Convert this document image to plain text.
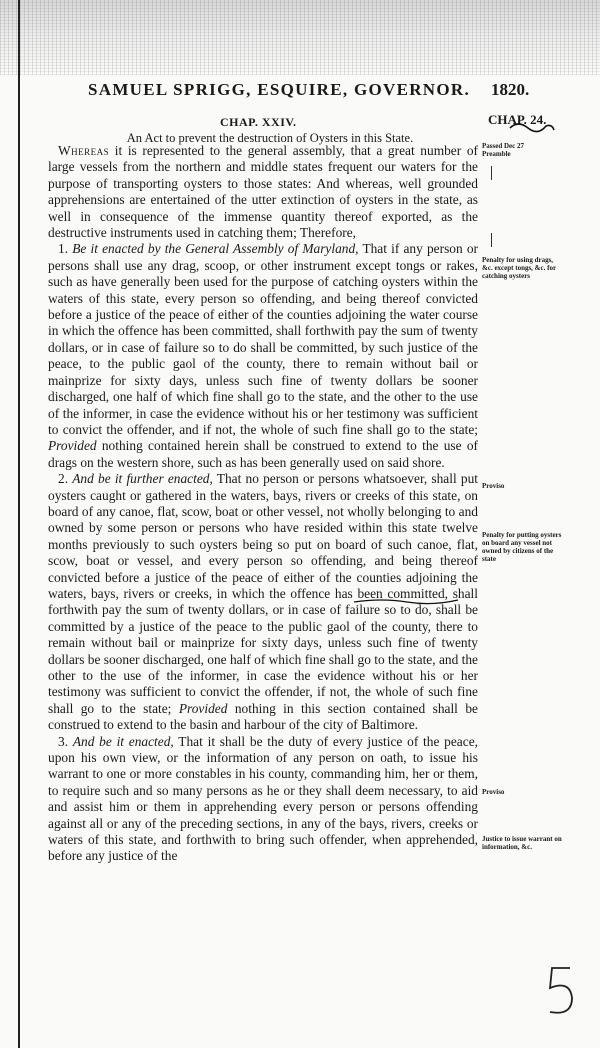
SAMUEL SPRIGG, ESQUIRE, GOVERNOR. 1820.
CHAP. XXIV.	CHAP. 24.
An Act to prevent the destruction of Oysters in this State.

Whereas it is represented to the general assembly, that a great number of large vessels from the northern and middle states frequent our waters for the purpose of transporting oysters to those states: And whereas, well grounded apprehensions are entertained of the utter extinction of oysters in the state, as well in consequence of the immense quantity thereof exported, as the destructive instruments used in catching them; Therefore,

1. Be it enacted by the General Assembly of Maryland, That if any person or persons shall use any drag, scoop, or other instrument except tongs or rakes, such as have generally been used for the purpose of catching oysters within the waters of this state, every person so offending, and being thereof convicted before a justice of the peace of either of the counties adjoining the water course in which the offence has been committed, shall forthwith pay the sum of twenty dollars, or in case of failure so to do shall be committed, by such justice of the peace, to the public gaol of the county, there to remain without bail or mainprize for sixty days, unless such fine of twenty dollars be sooner discharged, one half of which fine shall go to the state, and the other to the use of the informer, in case the evidence without his or her testimony was sufficient to convict the offender, and if not, the whole of such fine shall go to the state; Provided nothing contained herein shall be construed to extend to the use of drags on the western shore, such as has been generally used on said shore.

2. And be it further enacted, That no person or persons whatsoever, shall put oysters caught or gathered in the waters, bays, rivers or creeks of this state, on board of any canoe, flat, scow, boat or other vessel, not wholly belonging to and owned by some person or persons who have resided within this state twelve months previously to such oysters being so put on board of such canoe, flat, scow, boat or vessel, and every person so offending, and being thereof convicted before a justice of the peace of either of the counties adjoining the waters, bays, rivers or creeks, in which the offence has been committed, shall forthwith pay the sum of twenty dollars, or in case of failure so to do, shall be committed by a justice of the peace to the public gaol of the county, there to remain without bail or mainprize for sixty days, unless such fine of twenty dollars be sooner discharged, one half of which fine shall go to the state, and the other to the use of the informer, in case the evidence without his or her testimony was sufficient to convict the offender, if not, the whole of such fine shall go to the state; Provided nothing in this section contained shall be construed to extend to the basin and harbour of the city of Baltimore.

3. And be it enacted, That it shall be the duty of every justice of the peace, upon his own view, or the information of any person on oath, to issue his warrant to one or more constables in his county, commanding him, her or them, to require such and so many persons as he or they shall deem necessary, to aid and assist him or them in apprehending every person or persons offending against all or any of the preceding sections, in any of the bays, rivers, creeks or waters of this state, and forthwith to bring such offender, when apprehended, before any justice of the

Passed Dec 27 Preamble
Penalty for using drags, &c. except tongs, &c. for catching oysters
Proviso
Penalty for putting oysters on board any vessel not owned by citizens of the state
Proviso
Justice to issue warrant on information, &c.
